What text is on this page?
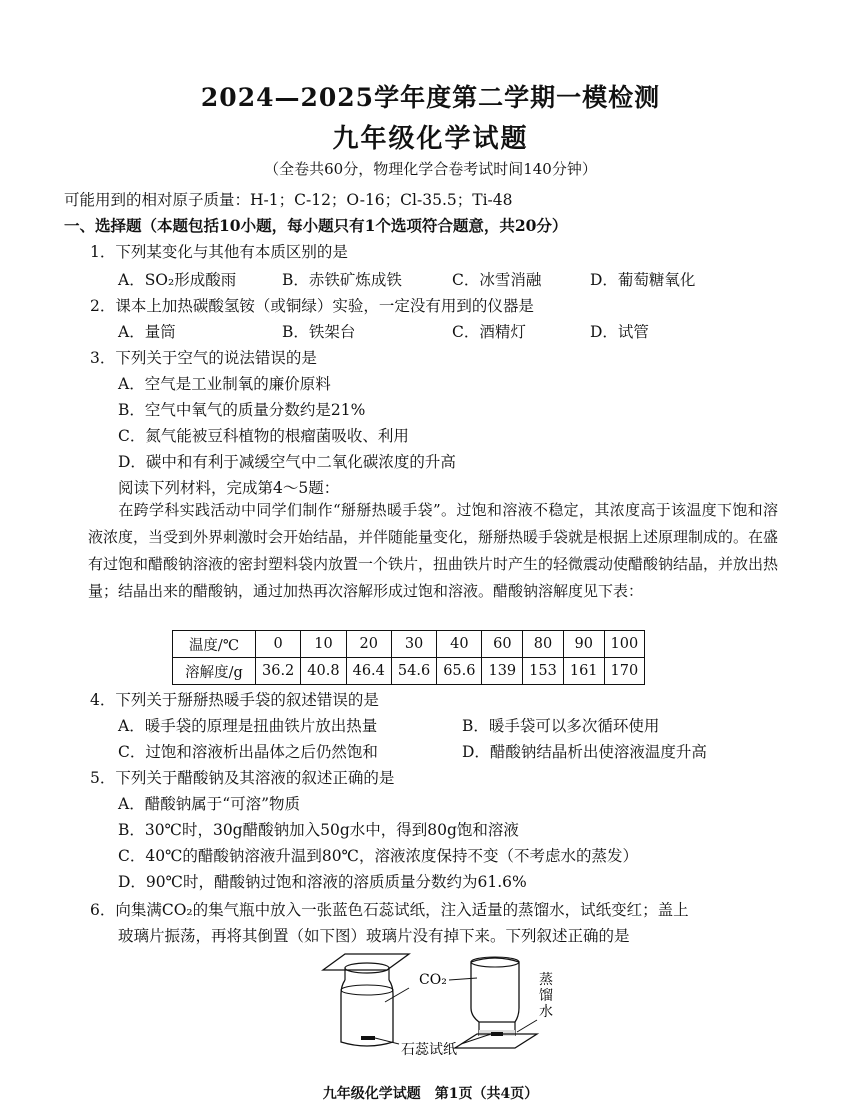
2024—2025学年度第二学期一模检测
九年级化学试题
（全卷共60分，物理化学合卷考试时间140分钟）
可能用到的相对原子质量：H-1；C-12；O-16；Cl-35.5；Ti-48
一、选择题（本题包括10小题，每小题只有1个选项符合题意，共20分）
1．下列某变化与其他有本质区别的是
A．SO₂形成酸雨	B．赤铁矿炼成铁	C．冰雪消融	D．葡萄糖氧化
2．课本上加热碳酸氢铵（或铜绿）实验，一定没有用到的仪器是
A．量筒	B．铁架台	C．酒精灯	D．试管
3．下列关于空气的说法错误的是
A．空气是工业制氧的廉价原料
B．空气中氧气的质量分数约是21%
C．氮气能被豆科植物的根瘤菌吸收、利用
D．碳中和有利于减缓空气中二氧化碳浓度的升高
阅读下列材料，完成第4～5题：
在跨学科实践活动中同学们制作“掰掰热暖手袋”。过饱和溶液不稳定，其浓度高于该温度下饱和溶液浓度，当受到外界刺激时会开始结晶，并伴随能量变化，掰掰热暖手袋就是根据上述原理制成的。在盛有过饱和醋酸钠溶液的密封塑料袋内放置一个铁片，扭曲铁片时产生的轻微震动使醋酸钠结晶，并放出热量；结晶出来的醋酸钠，通过加热再次溶解形成过饱和溶液。醋酸钠溶解度见下表：
温度/℃	0	10	20	30	40	60	80	90	100
溶解度/g	36.2	40.8	46.4	54.6	65.6	139	153	161	170
4．下列关于掰掰热暖手袋的叙述错误的是
A．暖手袋的原理是扭曲铁片放出热量	B．暖手袋可以多次循环使用
C．过饱和溶液析出晶体之后仍然饱和	D．醋酸钠结晶析出使溶液温度升高
5．下列关于醋酸钠及其溶液的叙述正确的是
A．醋酸钠属于“可溶”物质
B．30℃时，30g醋酸钠加入50g水中，得到80g饱和溶液
C．40℃的醋酸钠溶液升温到80℃，溶液浓度保持不变（不考虑水的蒸发）
D．90℃时，醋酸钠过饱和溶液的溶质质量分数约为61.6%
6．向集满CO₂的集气瓶中放入一张蓝色石蕊试纸，注入适量的蒸馏水，试纸变红；盖上
玻璃片振荡，再将其倒置（如下图）玻璃片没有掉下来。下列叙述正确的是
CO₂
石蕊试纸
蒸
馏
水
九年级化学试题　第1页（共4页）
